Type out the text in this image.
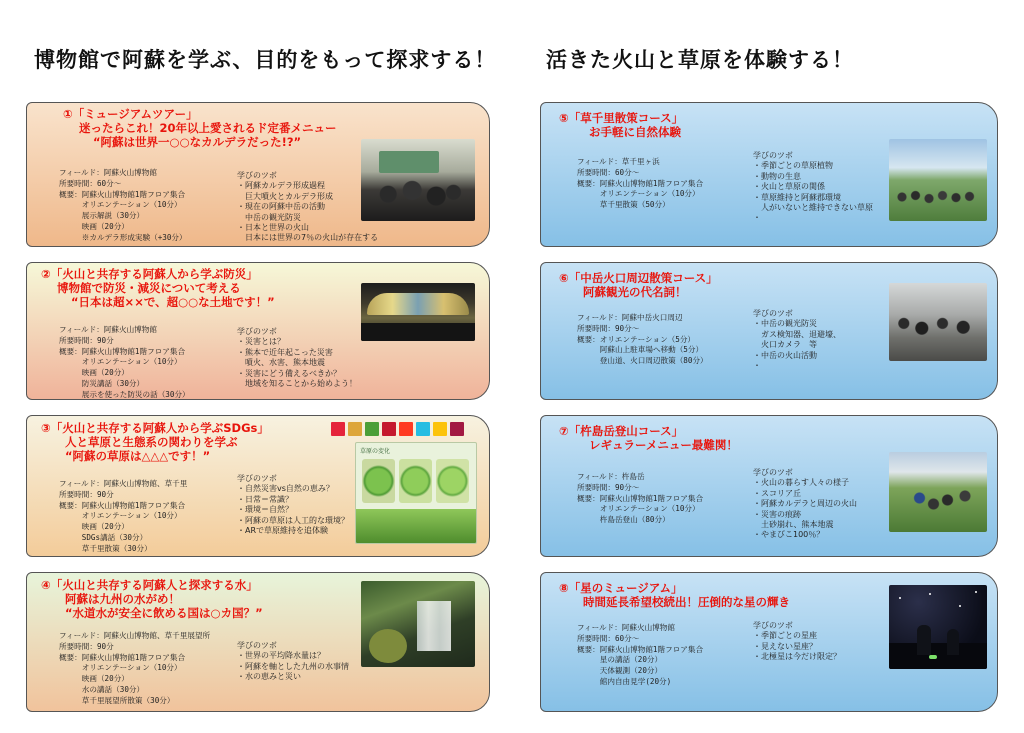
博物館で阿蘇を学ぶ、目的をもって探求する！ 活きた火山と草原を体験する！
①「ミュージアムツアー」
迷ったらこれ！20年以上愛されるド定番メニュー
“阿蘇は世界一○○なカルデラだった!?”
フィールド：阿蘇火山博物館
所要時間：60分～
概要：阿蘇火山博物館1階フロア集合
　　　オリエンテーション（10分）
　　　展示解説（30分）
　　　映画（20分）
　　　※カルデラ形成実験（+30分）
学びのツボ
・阿蘇カルデラ形成過程
　巨大噴火とカルデラ形成
・現在の阿蘇中岳の活動
　中岳の観光防災
・日本と世界の火山
　日本には世界の7％の火山が存在する
②「火山と共存する阿蘇人から学ぶ防災」
博物館で防災・減災について考える
“日本は超××で、超○○な土地です！”
フィールド：阿蘇火山博物館
所要時間：90分
概要：阿蘇火山博物館1階フロア集合
　　　オリエンテーション（10分）
　　　映画（20分）
　　　防災講話（30分）
　　　展示を使った防災の話（30分）
学びのツボ
・災害とは？
・熊本で近年起こった災害
　噴火、水害、熊本地震
・災害にどう備えるべきか？
　地域を知ることから始めよう！
③「火山と共存する阿蘇人から学ぶSDGs」
人と草原と生態系の関わりを学ぶ
“阿蘇の草原は△△△です！”
フィールド：阿蘇火山博物館、草千里
所要時間：90分
概要：阿蘇火山博物館1階フロア集合
　　　オリエンテーション（10分）
　　　映画（20分）
　　　SDGs講話（30分）
　　　草千里散策（30分）
学びのツボ
・自然災害vs自然の恵み？
・日常＝常識？
・環境＝自然？
・阿蘇の草原は人工的な環境？
・ARで草原維持を追体験
草原の変化
④「火山と共存する阿蘇人と探求する水」
阿蘇は九州の水がめ！
“水道水が安全に飲める国は○カ国？”
フィールド：阿蘇火山博物館、草千里展望所
所要時間：90分
概要：阿蘇火山博物館1階フロア集合
　　　オリエンテーション（10分）
　　　映画（20分）
　　　水の講話（30分）
　　　草千里展望所散策（30分）
学びのツボ
・世界の平均降水量は？
・阿蘇を軸とした九州の水事情
・水の恵みと災い
⑤「草千里散策コース」
お手軽に自然体験
フィールド：草千里ヶ浜
所要時間：60分～
概要：阿蘇火山博物館1階フロア集合
　　　オリエンテーション（10分）
　　　草千里散策（50分）
学びのツボ
・季節ごとの草原植物
・動物の生息
・火山と草原の関係
・草原維持と阿蘇郡環境
　人がいないと維持できない草原
・
⑥「中岳火口周辺散策コース」
阿蘇観光の代名詞！
フィールド：阿蘇中岳火口周辺
所要時間：90分～
概要：オリエンテーション（5分）
　　　阿蘇山上駐車場へ移動（5分）
　　　登山道、火口周辺散策（80分）
学びのツボ
・中岳の観光防災
　ガス検知器、退避壕、
　火口カメラ　等
・中岳の火山活動
・
⑦「杵島岳登山コース」
レギュラーメニュー最難関！
フィールド：杵島岳
所要時間：90分～
概要：阿蘇火山博物館1階フロア集合
　　　オリエンテーション（10分）
　　　杵島岳登山（80分）
学びのツボ
・火山の暮らす人々の様子
・スコリア丘
・阿蘇カルデラと周辺の火山
・災害の痕跡
　土砂崩れ、熊本地震
・やまびこ100％？
⑧「星のミュージアム」
時間延長希望校続出！圧倒的な星の輝き
フィールド：阿蘇火山博物館
所要時間：60分～
概要：阿蘇火山博物館1階フロア集合
　　　星の講話（20分）
　　　天体観測（20分）
　　　館内自由見学(20分)
学びのツボ
・季節ごとの星座
・見えない星座？
・北極星は今だけ限定？
